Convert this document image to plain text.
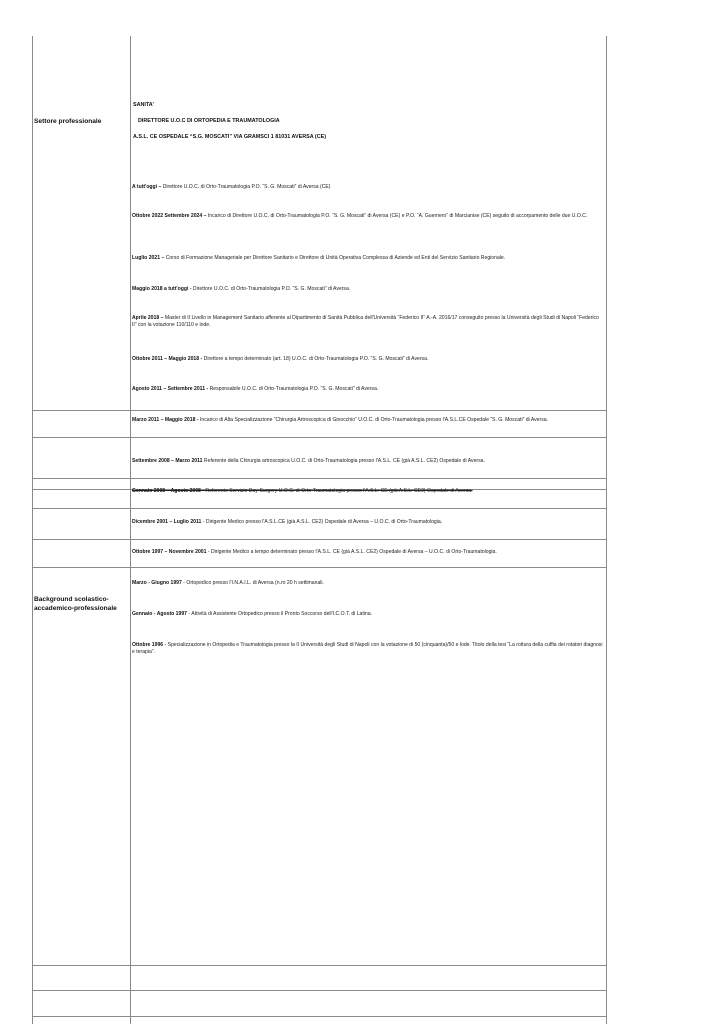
Settore professionale
Background scolastico-accademico-professionale
SANITA'
DIRETTORE U.O.C DI ORTOPEDIA E TRAUMATOLOGIA
A.S.L. CE OSPEDALE “S.G. MOSCATI” VIA GRAMSCI 1 81031 AVERSA (CE)
A tutt'oggi – Direttore U.O.C. di Orto-Traumatologia P.O. “S. G. Moscati” di Aversa (CE)
Ottobre 2022 Settembre 2024 – Incarico di Direttore U.O.C. di Orto-Traumatologia P.O. “S. G. Moscati” di Aversa (CE) e P.O. “A. Guerriero” di Marcianise (CE) seguito di accorpamento delle due U.O.C.
Luglio 2021 – Corso di Formazione Manageriale per Direttore Sanitario e Direttore di Unità Operativa Complessa di Aziende ed Enti del Servizio Sanitario Regionale.
Maggio 2018 a tutt'oggi - Direttore U.O.C. di Orto-Traumatologia P.O. “S. G. Moscati” di Aversa.
Aprile 2018 – Master di II Livello in Management Sanitario afferente al Dipartimento di Sanità Pubblica dell'Università “Federico II” A.-A. 2016/17 conseguito presso la Università degli Studi di Napoli “Federico II” con la votazione 110/110 e lode.
Ottobre 2011 – Maggio 2018 - Direttore a tempo determinato (art. 18) U.O.C. di Orto-Traumatologia P.O. “S. G. Moscati” di Aversa.
Agosto 2011 – Settembre 2011 - Responsabile U.O.C. di Orto-Traumatologia P.O. “S. G. Moscati” di Aversa.
Marzo 2011 – Maggio 2018 - Incarico di Alta Specializzazione “Chirurgia Artroscopica di Ginocchio” U.O.C. di Orto-Traumatologia presso l'A.S.L.CE Ospedale “S. G. Moscati” di Aversa.
Settembre 2008 – Marzo 2011 Referente della Chirurgia artroscopica U.O.C. di Orto-Traumatologia presso l'A.S.L. CE (già A.S.L. CE2) Ospedale di Aversa.
Gennaio 2008 – Agosto 2008 - Referente Servizio Day-Surgery U.O.C. di Orto-Traumatologia presso l'A.S.L. CE (già A.S.L. CE2) Ospedale di Aversa.
Dicembre 2001 – Luglio 2011 - Dirigente Medico presso l'A.S.L.CE (già A.S.L. CE2) Ospedale di Aversa – U.O.C. di Orto-Traumatologia.
Ottobre 1997 – Novembre 2001 - Dirigente Medico a tempo determinato presso l'A.S.L. CE (già A.S.L. CE2) Ospedale di Aversa – U.O.C. di Orto-Traumatologia.
Marzo - Giugno 1997 - Ortopedico presso l'I.N.A.I.L. di Aversa (n.ro 20 h settimanali.
Gennaio - Agosto 1997 - Attività di Assistente Ortopedico presso il Pronto Soccorso dell'I.C.O.T. di Latina.
Ottobre 1996 - Specializzazione in Ortopedia e Traumatologia presso la II Università degli Studi di Napoli con la votazione di 50 (cinquanta)/50 e lode. Titolo della tesi “La rottura della cuffia dei rotatori diagnosi e terapia”.
